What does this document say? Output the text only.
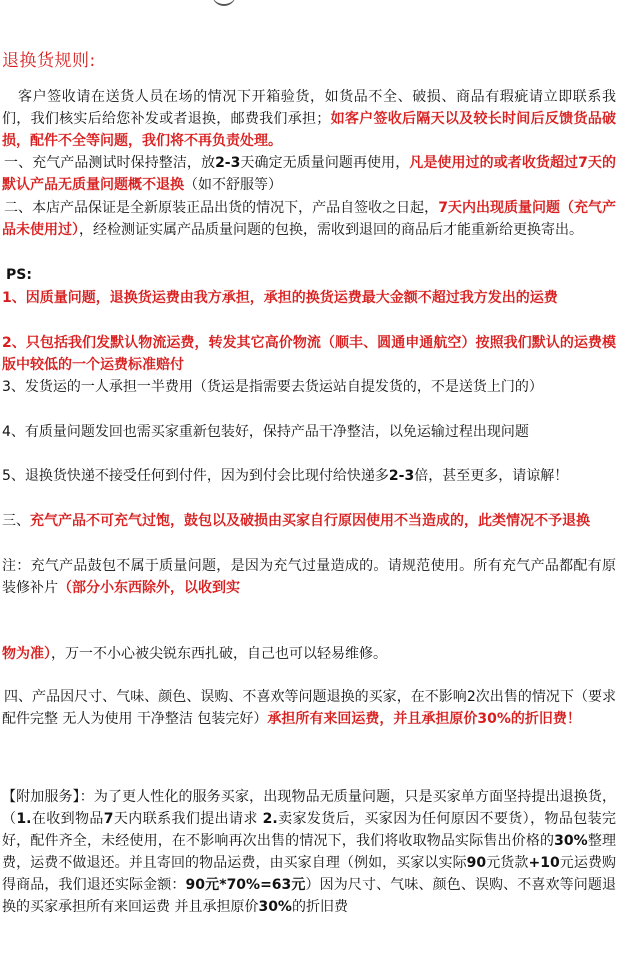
退换货规则:
客户签收请在送货人员在场的情况下开箱验货，如货品不全、破损、商品有瑕疵请立即联系我们，我们核实后给您补发或者退换，邮费我们承担；如客户签收后隔天以及较长时间后反馈货品破损，配件不全等问题，我们将不再负责处理。
一、充气产品测试时保持整洁，放2-3天确定无质量问题再使用，凡是使用过的或者收货超过7天的默认产品无质量问题概不退换（如不舒服等）
二、本店产品保证是全新原装正品出货的情况下，产品自签收之日起，7天内出现质量问题（充气产品未使用过），经检测证实属产品质量问题的包换，需收到退回的商品后才能重新给更换寄出。
PS:
1、因质量问题，退换货运费由我方承担，承担的换货运费最大金额不超过我方发出的运费
2、只包括我们发默认物流运费，转发其它高价物流（顺丰、圆通申通航空）按照我们默认的运费模版中较低的一个运费标准赔付
3、发货运的一人承担一半费用（货运是指需要去货运站自提发货的，不是送货上门的）
4、有质量问题发回也需买家重新包装好，保持产品干净整洁，以免运输过程出现问题
5、退换货快递不接受任何到付件，因为到付会比现付给快递多2-3倍，甚至更多，请谅解！
三、充气产品不可充气过饱，鼓包以及破损由买家自行原因使用不当造成的，此类情况不予退换
注：充气产品鼓包不属于质量问题，是因为充气过量造成的。请规范使用。所有充气产品都配有原装修补片（部分小东西除外，以收到实
物为准），万一不小心被尖锐东西扎破，自己也可以轻易维修。
四、产品因尺寸、气味、颜色、误购、不喜欢等问题退换的买家，在不影响2次出售的情况下（要求配件完整 无人为使用 干净整洁 包装完好）承担所有来回运费，并且承担原价30%的折旧费！
【附加服务】：为了更人性化的服务买家，出现物品无质量问题，只是买家单方面坚持提出退换货，（1.在收到物品7天内联系我们提出请求 2.卖家发货后，买家因为任何原因不要货），物品包装完好，配件齐全，未经使用，在不影响再次出售的情况下，我们将收取物品实际售出价格的30%整理费，运费不做退还。并且寄回的物品运费，由买家自理（例如，买家以实际90元货款+10元运费购得商品，我们退还实际金额：90元*70%=63元）因为尺寸、气味、颜色、误购、不喜欢等问题退换的买家承担所有来回运费 并且承担原价30%的折旧费
